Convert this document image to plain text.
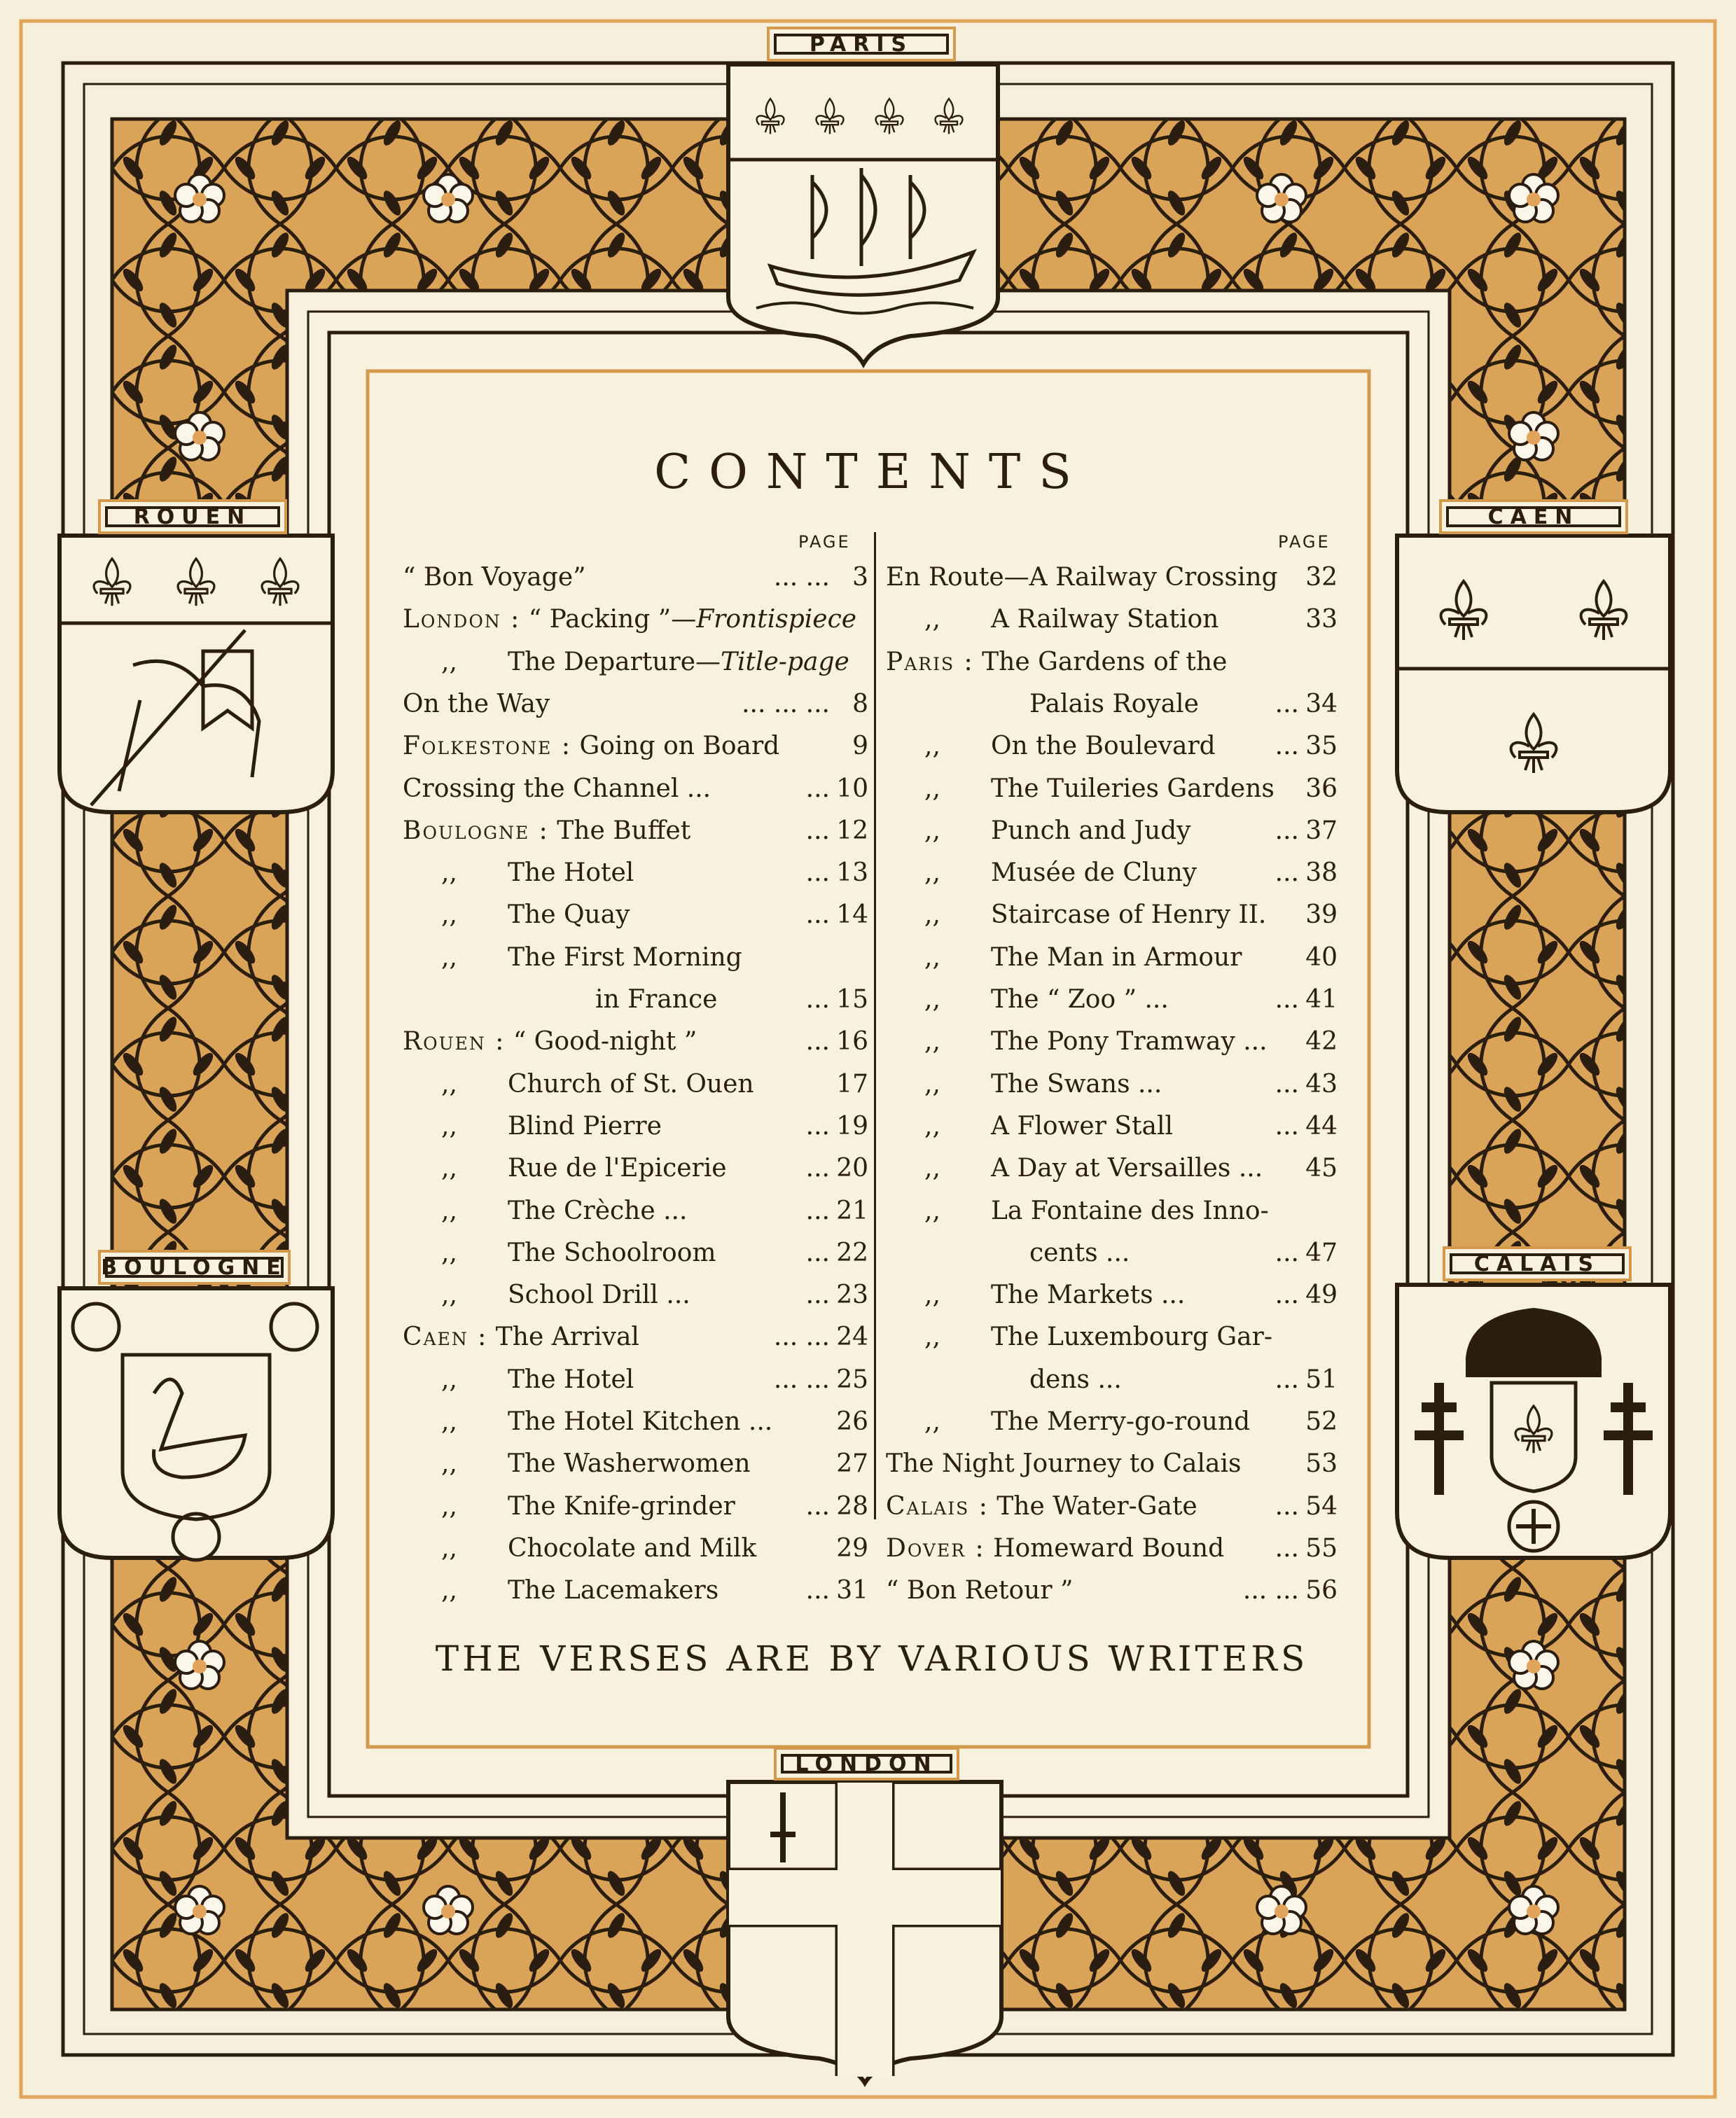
PARIS
ROUEN	CAEN
BOULOGNE	CALAIS
LONDON
CONTENTS
PAGE	PAGE
“ Bon Voyage”	... ... 3
London : “ Packing ”—Frontispiece
,, The Departure—Title-page
On the Way	... ... ... 8
Folkestone : Going on Board	9
Crossing the Channel ...	... 10
Boulogne : The Buffet	... 12
,, The Hotel	... 13
,, The Quay	... 14
,, The First Morning
in France	... 15
Rouen : “ Good-night ”	... 16
,, Church of St. Ouen	17
,, Blind Pierre	... 19
,, Rue de l'Epicerie	... 20
,, The Crèche ...	... 21
,, The Schoolroom	... 22
,, School Drill ...	... 23
Caen : The Arrival	... ... 24
,, The Hotel	... ... 25
,, The Hotel Kitchen ...	26
,, The Washerwomen	27
,, The Knife-grinder	... 28
,, Chocolate and Milk	29
,, The Lacemakers	... 31
En Route—A Railway Crossing 32
,, A Railway Station	33
Paris : The Gardens of the
Palais Royale	... 34
,, On the Boulevard ... 35
,, The Tuileries Gardens 36
,, Punch and Judy	... 37
,, Musée de Cluny	... 38
,, Staircase of Henry II. 39
,, The Man in Armour	40
,, The “ Zoo ” ...	... 41
,, The Pony Tramway ... 42
,, The Swans ...	... 43
,, A Flower Stall	... 44
,, A Day at Versailles ... 45
,, La Fontaine des Inno-
cents ...	... 47
,, The Markets ...	... 49
,, The Luxembourg Gar-
dens ...	... 51
,, The Merry-go-round 52
The Night Journey to Calais	53
Calais : The Water-Gate	... 54
Dover : Homeward Bound ... 55
“ Bon Retour ”	... ... 56
THE VERSES ARE BY VARIOUS WRITERS
